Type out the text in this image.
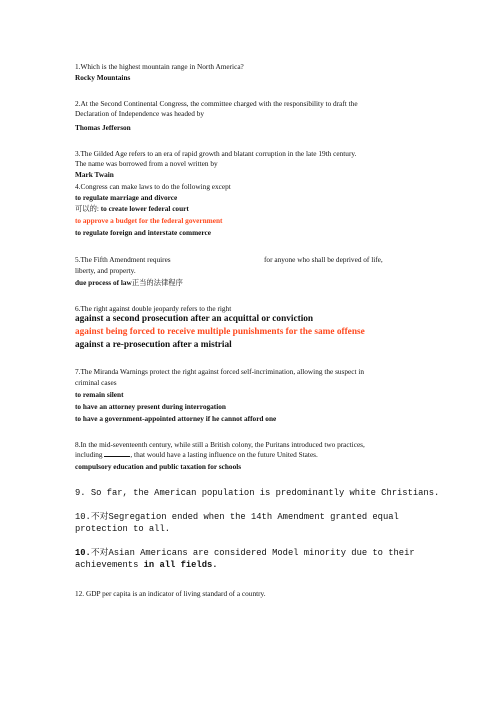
1.Which is the highest mountain range in North America?
Rocky Mountains
2.At the Second Continental Congress, the committee charged with the responsibility to draft the
Declaration of Independence was headed by
Thomas Jefferson
3.The Gilded Age refers to an era of rapid growth and blatant corruption in the late 19th century.
The name was borrowed from a novel written by
Mark Twain
4.Congress can make laws to do the following except
to regulate marriage and divorce
可以的: to create lower federal court
to approve a budget for the federal government
to regulate foreign and interstate commerce
5.The Fifth Amendment requires	for anyone who shall be deprived of life,
liberty, and property.
due process of law正当的法律程序
6.The right against double jeopardy refers to the right
against a second prosecution after an acquittal or conviction
against being forced to receive multiple punishments for the same offense
against a re-prosecution after a mistrial
7.The Miranda Warnings protect the right against forced self-incrimination, allowing the suspect in
criminal cases
to remain silent
to have an attorney present during interrogation
to have a government-appointed attorney if he cannot afford one
8.In the mid-seventeenth century, while still a British colony, the Puritans introduced two practices,
including	, that would have a lasting influence on the future United States.
compulsory education and public taxation for schools
9. So far, the American population is predominantly white Christians.
10.不对Segregation ended when the 14th Amendment granted equal
protection to all.
10.不对Asian Americans are considered Model minority due to their
achievements in all fields.
12. GDP per capita is an indicator of living standard of a country.
